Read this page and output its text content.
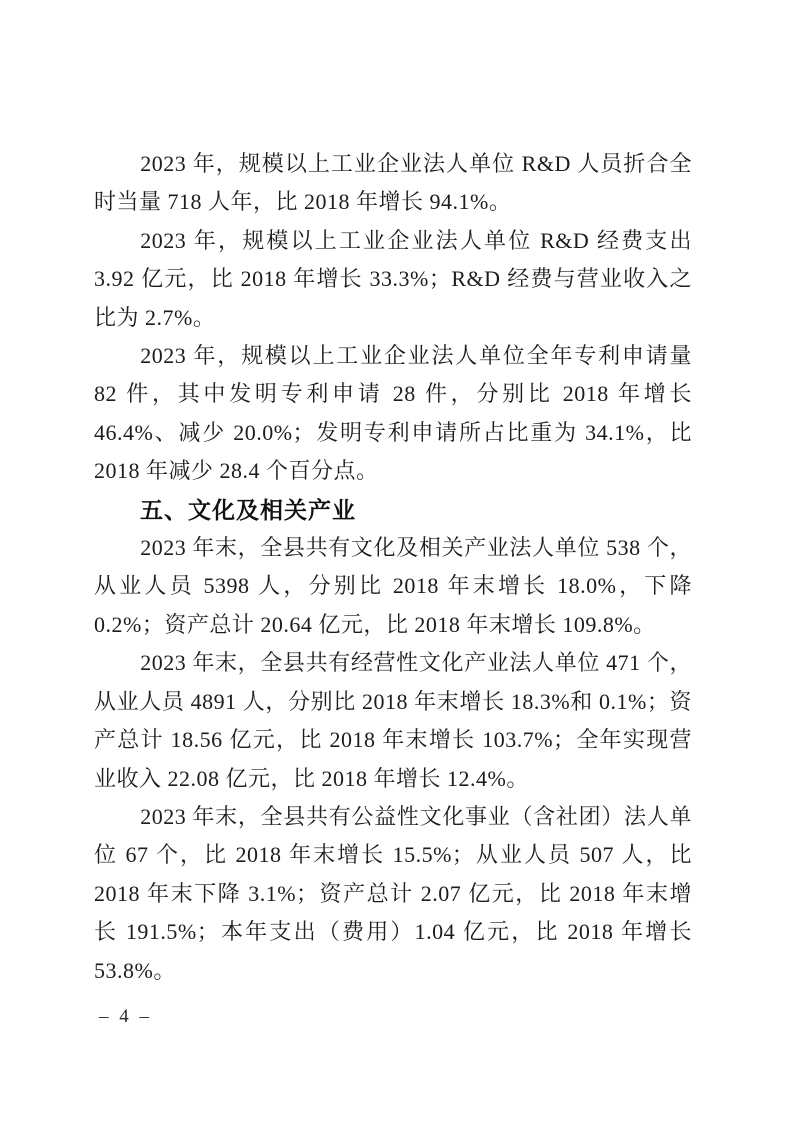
2023 年，规模以上工业企业法人单位 R&D 人员折合全时当量 718 人年，比 2018 年增长 94.1%。

2023 年，规模以上工业企业法人单位 R&D 经费支出 3.92 亿元，比 2018 年增长 33.3%；R&D 经费与营业收入之比为 2.7%。

2023 年，规模以上工业企业法人单位全年专利申请量 82 件，其中发明专利申请 28 件，分别比 2018 年增长 46.4%、减少 20.0%；发明专利申请所占比重为 34.1%，比 2018 年减少 28.4 个百分点。

五、文化及相关产业

2023 年末，全县共有文化及相关产业法人单位 538 个，从业人员 5398 人，分别比 2018 年末增长 18.0%，下降 0.2%；资产总计 20.64 亿元，比 2018 年末增长 109.8%。

2023 年末，全县共有经营性文化产业法人单位 471 个，从业人员 4891 人，分别比 2018 年末增长 18.3%和 0.1%；资产总计 18.56 亿元，比 2018 年末增长 103.7%；全年实现营业收入 22.08 亿元，比 2018 年增长 12.4%。

2023 年末，全县共有公益性文化事业（含社团）法人单位 67 个，比 2018 年末增长 15.5%；从业人员 507 人，比 2018 年末下降 3.1%；资产总计 2.07 亿元，比 2018 年末增长 191.5%；本年支出（费用）1.04 亿元，比 2018 年增长 53.8%。

– 4 –
